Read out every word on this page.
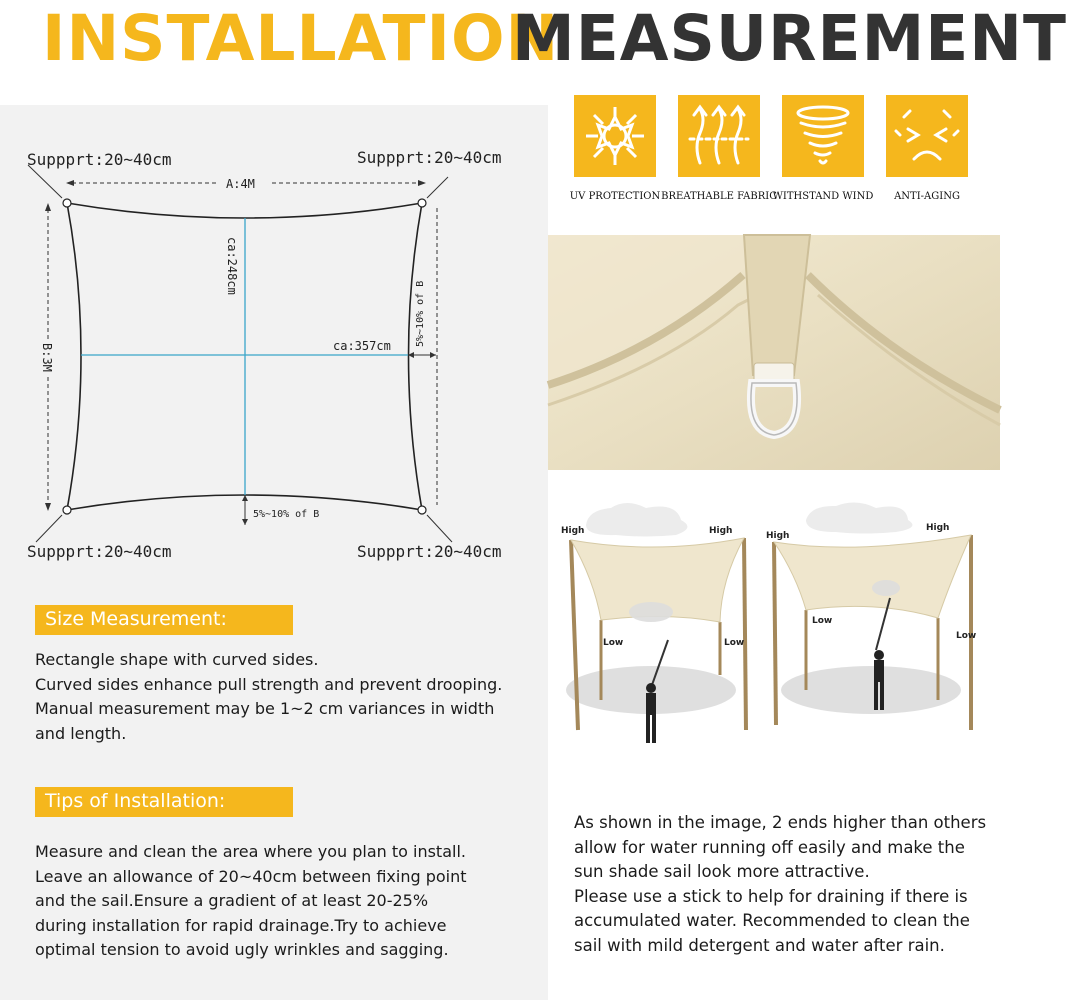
INSTALLATION
MEASUREMENT
Suppprt:20~40cm	Suppprt:20~40cm
Suppprt:20~40cm	Suppprt:20~40cm
A:4M
B:3M
ca:248cm
ca:357cm 5%~10% of B
5%~10% of B
Size Measurement:
Rectangle shape with curved sides.
Curved sides enhance pull strength and prevent drooping.
Manual measurement may be 1~2 cm variances in width
and length.
Tips of Installation:
Measure and clean the area where you plan to install.
Leave an allowance of 20~40cm between fixing point
and the sail.Ensure a gradient of at least 20-25%
during installation for rapid drainage.Try to achieve
optimal tension to avoid ugly wrinkles and sagging.
UV PROTECTION BREATHABLE FABRIC
WITHSTAND WIND	ANTI-AGING
High	High
Low	Low
High
High
Low
Low
As shown in the image, 2 ends higher than others
allow for water running off easily and make the
sun shade sail look more attractive.
Please use a stick to help for draining if there is
accumulated water. Recommended to clean the
sail with mild detergent and water after rain.
